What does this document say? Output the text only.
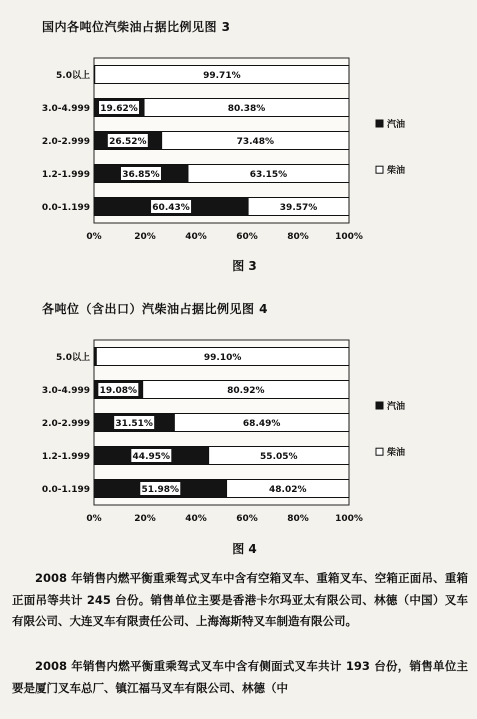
国内各吨位汽柴油占据比例见图 3
99.71%
5.0以上
19.62%	80.38%
3.0-4.999
26.52%	73.48%
2.0-2.999
36.85%	63.15%
1.2-1.999
60.43%	39.57%
0.0-1.199
0%	20%	40%	60%	80%	100%
汽油
柴油
图 3
各吨位（含出口）汽柴油占据比例见图 4
99.10%
5.0以上
19.08%	80.92%
3.0-4.999
31.51%	68.49%
2.0-2.999
44.95%	55.05%
1.2-1.999
51.98%	48.02%
0.0-1.199
0%	20%	40%	60%	80%	100%
汽油
柴油
图 4
2008 年销售内燃平衡重乘驾式叉车中含有空箱叉车、重箱叉车、空箱正面吊、重箱正面吊等共计 245 台份。销售单位主要是香港卡尔玛亚太有限公司、林德（中国）叉车有限公司、大连叉车有限责任公司、上海海斯特叉车制造有限公司。
2008 年销售内燃平衡重乘驾式叉车中含有侧面式叉车共计 193 台份，销售单位主要是厦门叉车总厂、镇江福马叉车有限公司、林德（中
